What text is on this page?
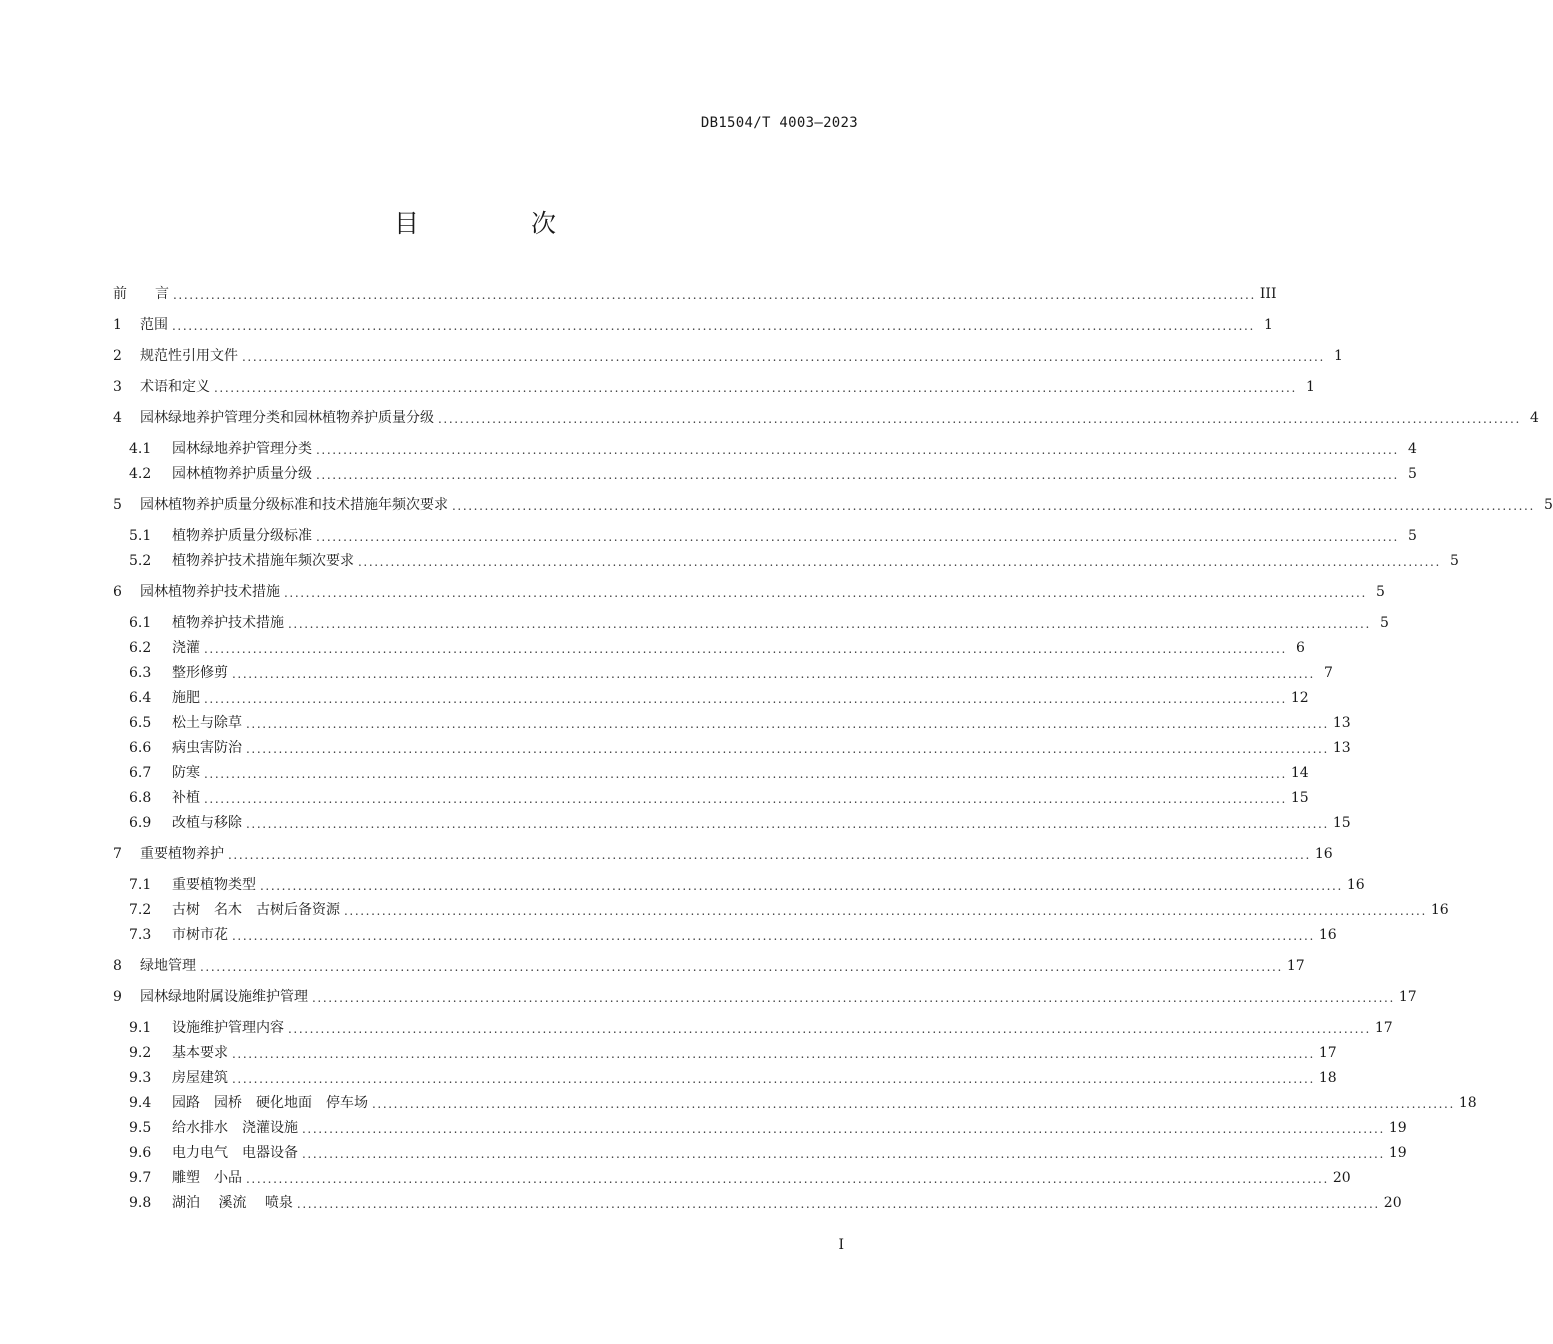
DB1504/T 4003—2023
目 次
前　　言 ........................................................................................................................................................................................................ III
1	范围 ........................................................................................................................................................................................................ 1
2	规范性引用文件 ........................................................................................................................................................................................................ 1
3	术语和定义 ........................................................................................................................................................................................................ 1
4	园林绿地养护管理分类和园林植物养护质量分级 ........................................................................................................................................................................................................ 4
4.1	园林绿地养护管理分类 ........................................................................................................................................................................................................ 4
4.2	园林植物养护质量分级 ........................................................................................................................................................................................................ 5
5	园林植物养护质量分级标准和技术措施年频次要求 ........................................................................................................................................................................................................ 5
5.1	植物养护质量分级标准 ........................................................................................................................................................................................................ 5
5.2	植物养护技术措施年频次要求 ........................................................................................................................................................................................................ 5
6	园林植物养护技术措施 ........................................................................................................................................................................................................ 5
6.1	植物养护技术措施 ........................................................................................................................................................................................................ 5
6.2	浇灌 ........................................................................................................................................................................................................ 6
6.3	整形修剪 ........................................................................................................................................................................................................ 7
6.4	施肥 ........................................................................................................................................................................................................ 12
6.5	松土与除草 ........................................................................................................................................................................................................ 13
6.6	病虫害防治 ........................................................................................................................................................................................................ 13
6.7	防寒 ........................................................................................................................................................................................................ 14
6.8	补植 ........................................................................................................................................................................................................ 15
6.9	改植与移除 ........................................................................................................................................................................................................ 15
7	重要植物养护 ........................................................................................................................................................................................................ 16
7.1	重要植物类型 ........................................................................................................................................................................................................ 16
7.2	古树　名木　古树后备资源 ........................................................................................................................................................................................................ 16
7.3	市树市花 ........................................................................................................................................................................................................ 16
8	绿地管理 ........................................................................................................................................................................................................ 17
9	园林绿地附属设施维护管理 ........................................................................................................................................................................................................ 17
9.1	设施维护管理内容 ........................................................................................................................................................................................................ 17
9.2	基本要求 ........................................................................................................................................................................................................ 17
9.3	房屋建筑 ........................................................................................................................................................................................................ 18
9.4	园路　园桥　硬化地面　停车场 ........................................................................................................................................................................................................ 18
9.5	给水排水　浇灌设施 ........................................................................................................................................................................................................ 19
9.6	电力电气　电器设备 ........................................................................................................................................................................................................ 19
9.7	雕塑　小品 ........................................................................................................................................................................................................ 20
9.8	湖泊　 溪流　 喷泉 ........................................................................................................................................................................................................ 20
I
